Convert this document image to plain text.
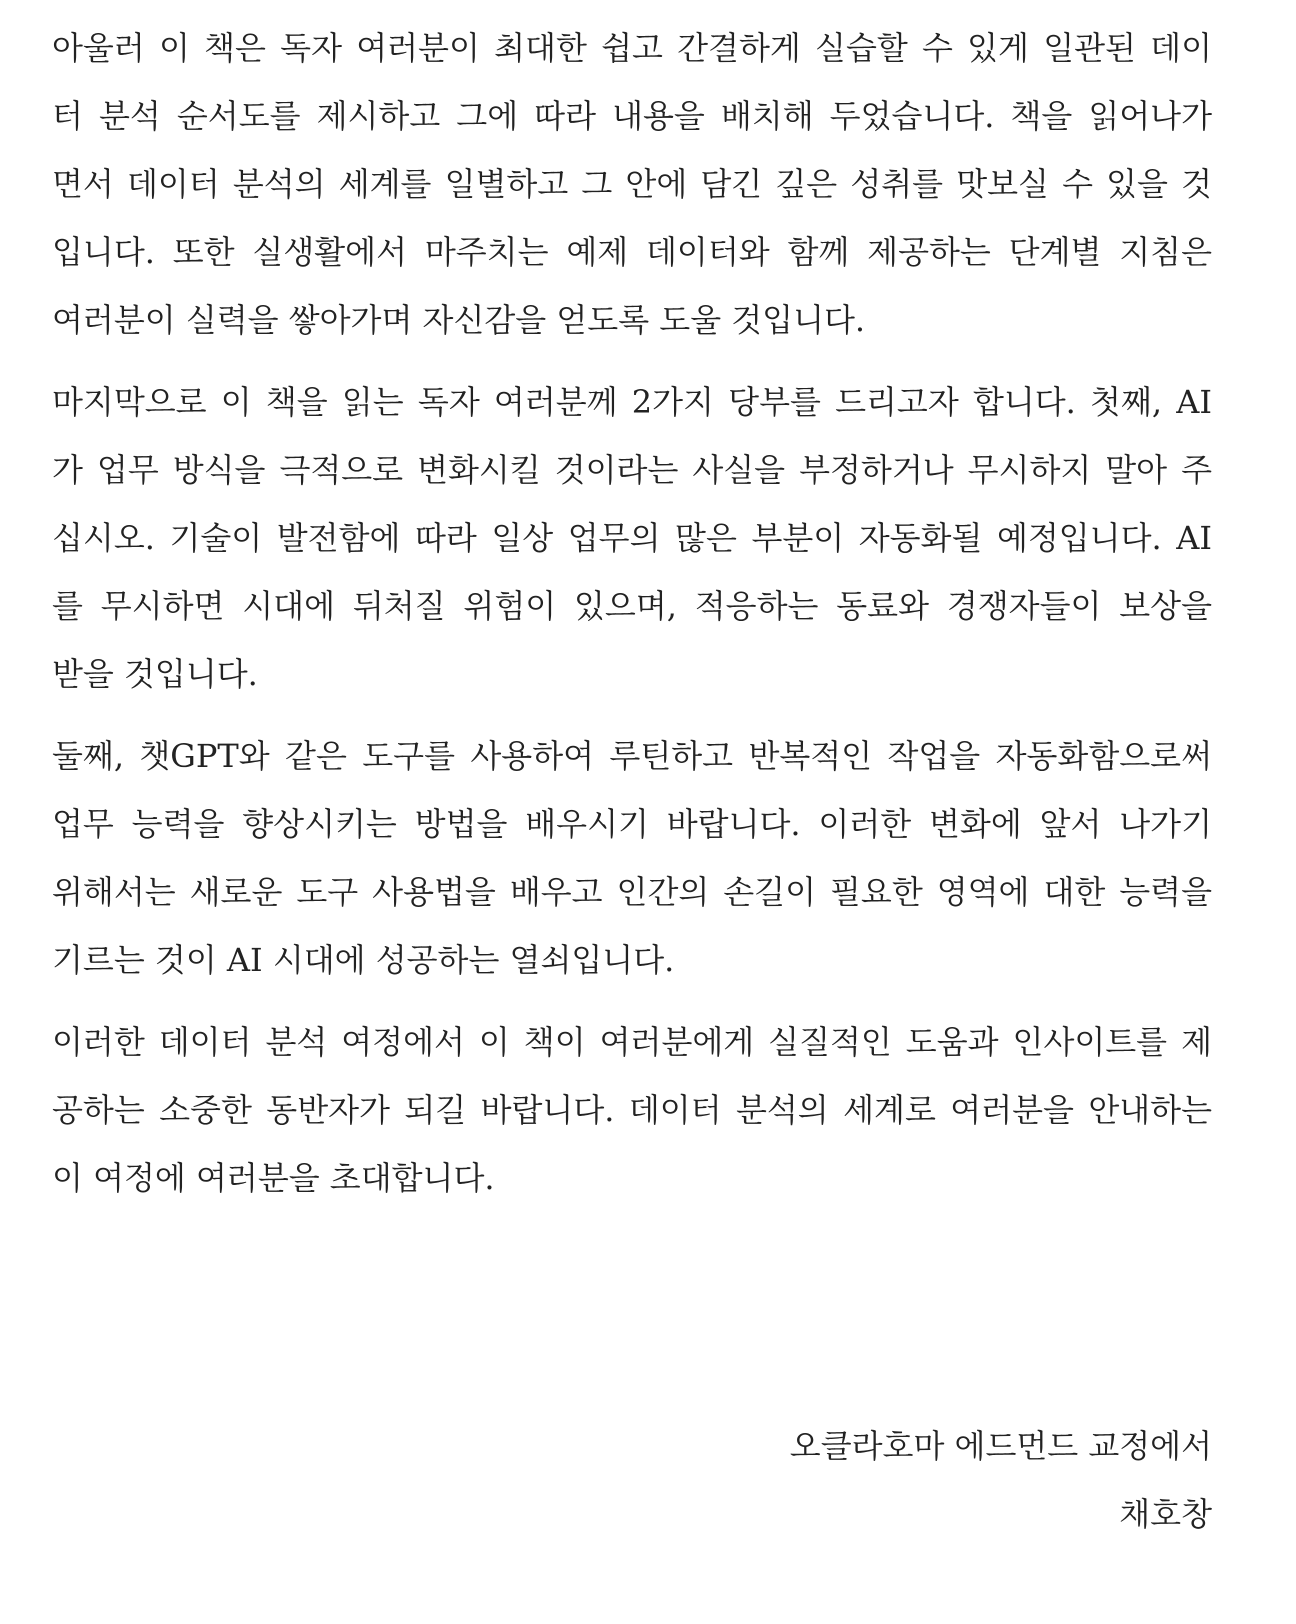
아울러 이 책은 독자 여러분이 최대한 쉽고 간결하게 실습할 수 있게 일관된 데이
터 분석 순서도를 제시하고 그에 따라 내용을 배치해 두었습니다. 책을 읽어나가
면서 데이터 분석의 세계를 일별하고 그 안에 담긴 깊은 성취를 맛보실 수 있을 것
입니다. 또한 실생활에서 마주치는 예제 데이터와 함께 제공하는 단계별 지침은
여러분이 실력을 쌓아가며 자신감을 얻도록 도울 것입니다.
마지막으로 이 책을 읽는 독자 여러분께 2가지 당부를 드리고자 합니다. 첫째, AI
가 업무 방식을 극적으로 변화시킬 것이라는 사실을 부정하거나 무시하지 말아 주
십시오. 기술이 발전함에 따라 일상 업무의 많은 부분이 자동화될 예정입니다. AI
를 무시하면 시대에 뒤처질 위험이 있으며, 적응하는 동료와 경쟁자들이 보상을
받을 것입니다.
둘째, 챗GPT와 같은 도구를 사용하여 루틴하고 반복적인 작업을 자동화함으로써
업무 능력을 향상시키는 방법을 배우시기 바랍니다. 이러한 변화에 앞서 나가기
위해서는 새로운 도구 사용법을 배우고 인간의 손길이 필요한 영역에 대한 능력을
기르는 것이 AI 시대에 성공하는 열쇠입니다.
이러한 데이터 분석 여정에서 이 책이 여러분에게 실질적인 도움과 인사이트를 제
공하는 소중한 동반자가 되길 바랍니다. 데이터 분석의 세계로 여러분을 안내하는
이 여정에 여러분을 초대합니다.
오클라호마 에드먼드 교정에서
채호창
